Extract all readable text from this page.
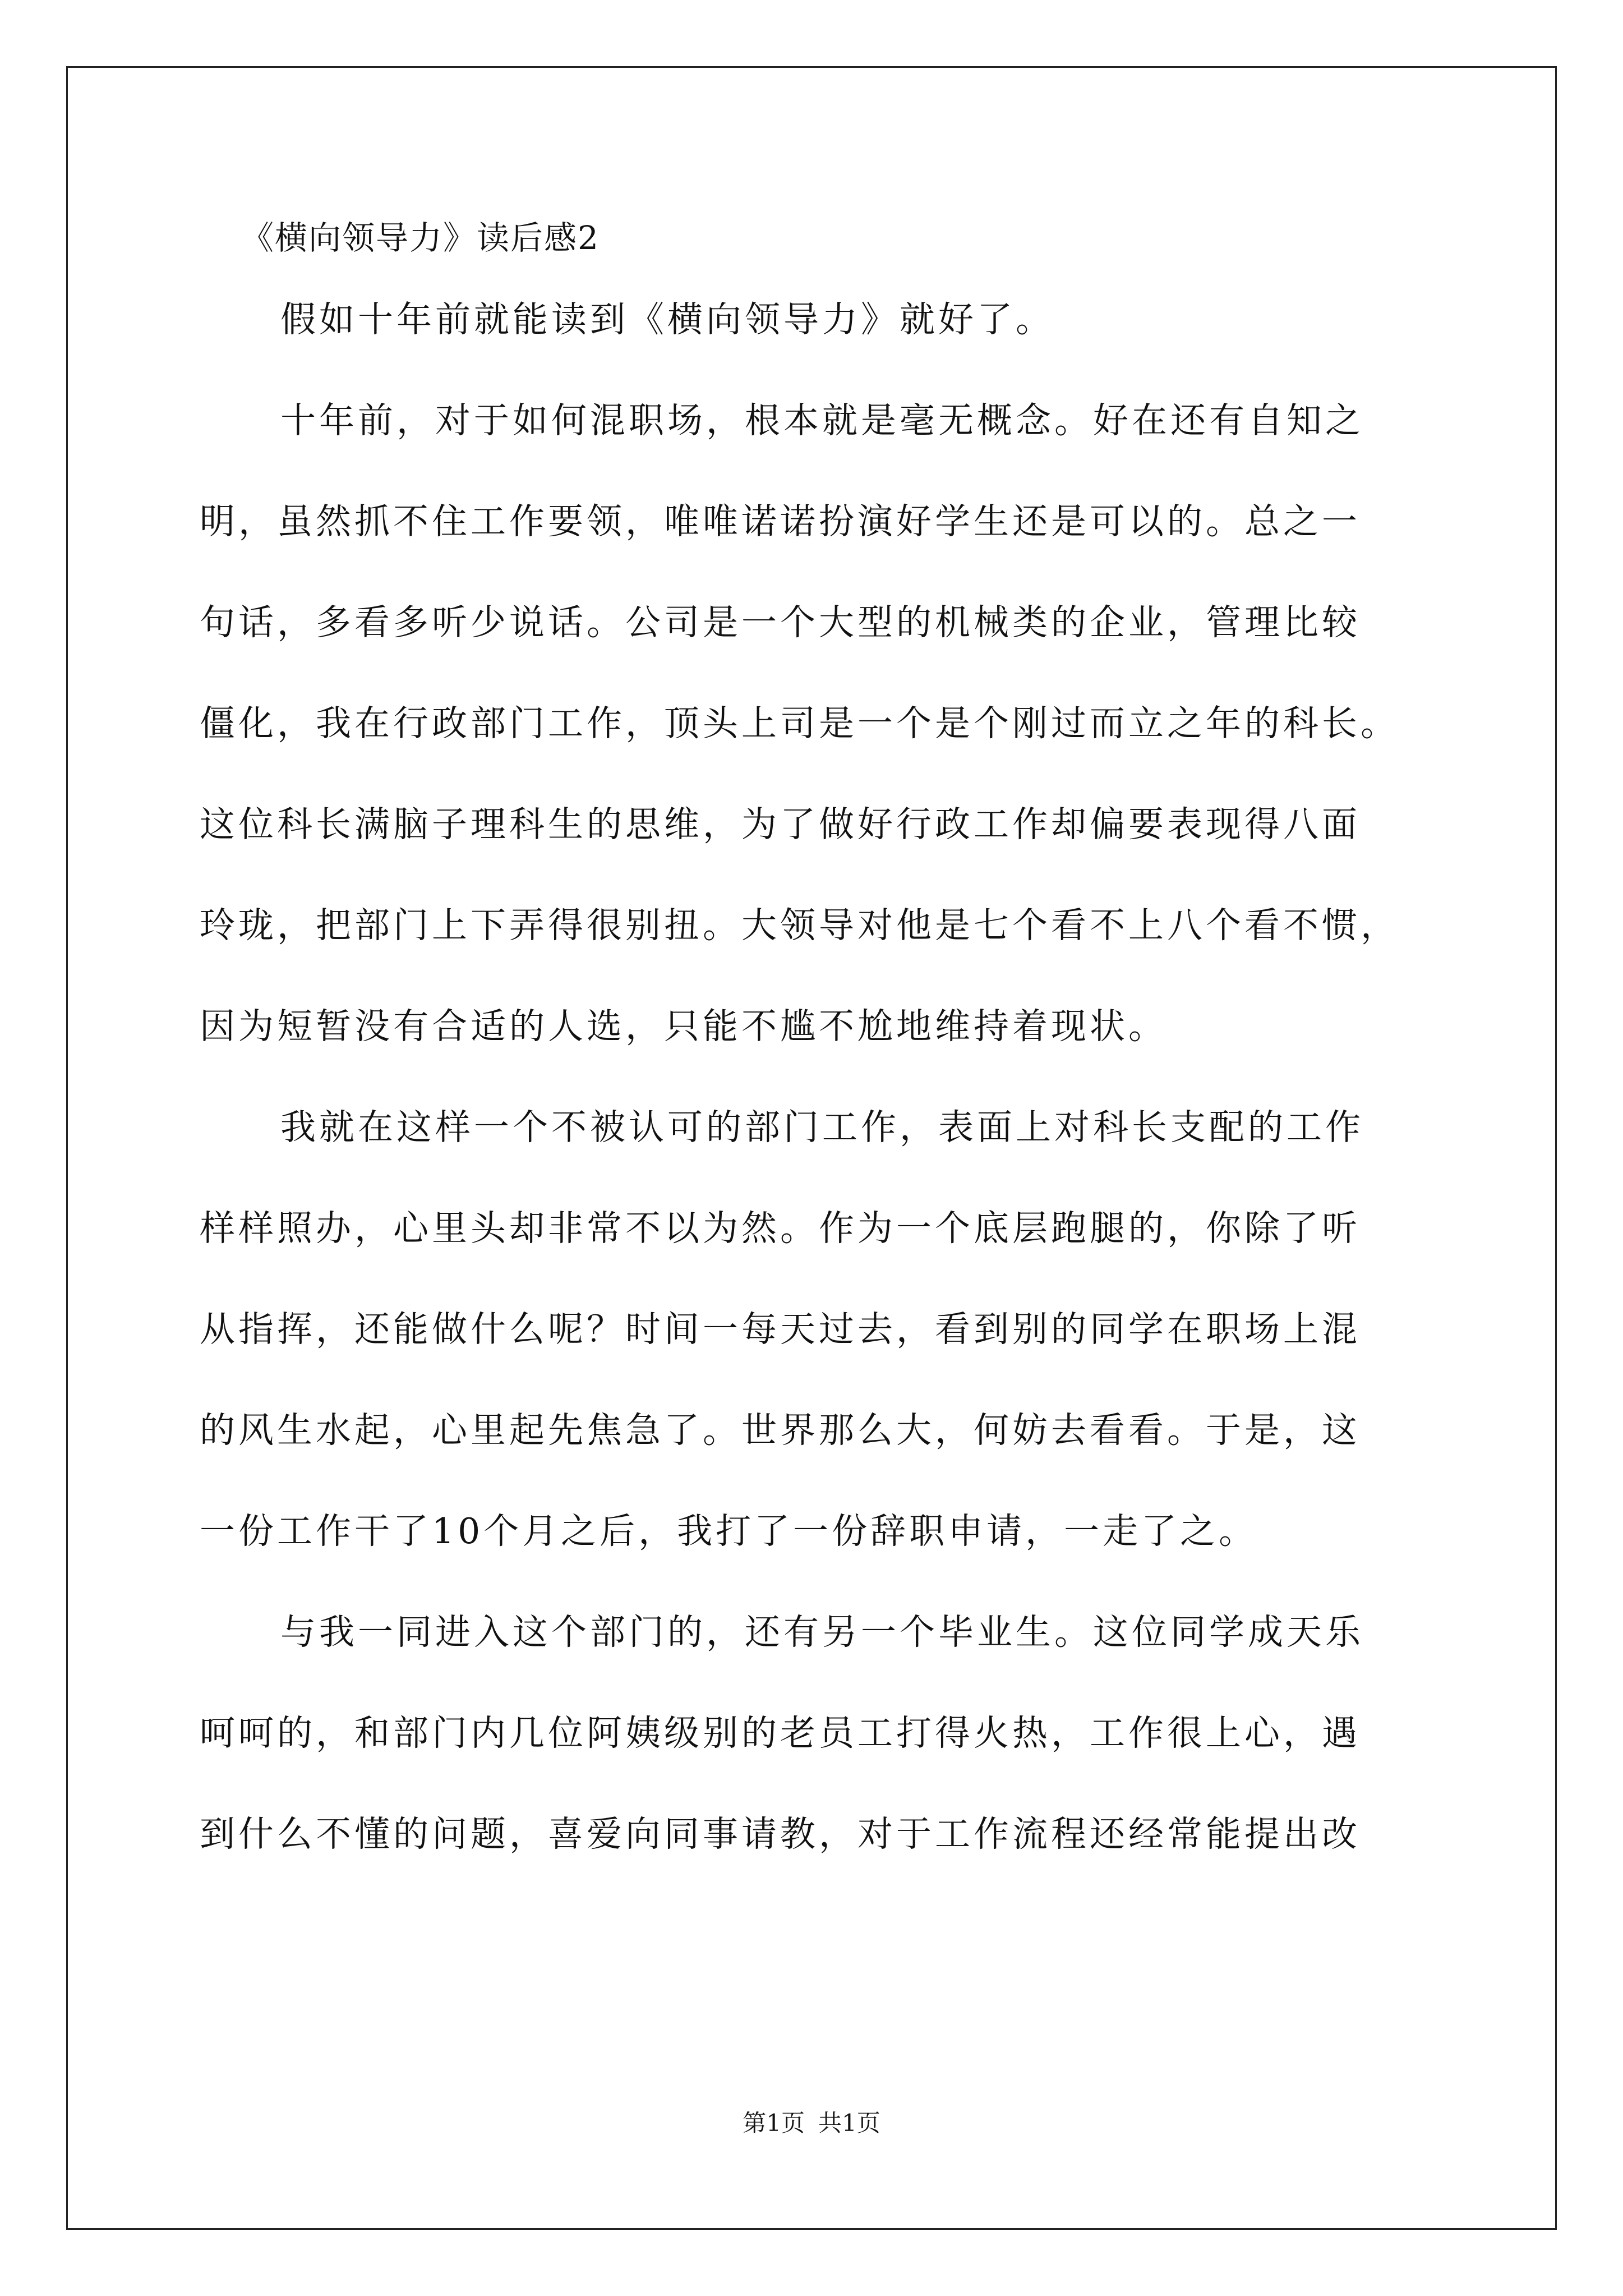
《横向领导力》读后感2
假如十年前就能读到《横向领导力》就好了。
十年前，对于如何混职场，根本就是毫无概念。好在还有自知之
明，虽然抓不住工作要领，唯唯诺诺扮演好学生还是可以的。总之一
句话，多看多听少说话。公司是一个大型的机械类的企业，管理比较
僵化，我在行政部门工作，顶头上司是一个是个刚过而立之年的科长。
这位科长满脑子理科生的思维，为了做好行政工作却偏要表现得八面
玲珑，把部门上下弄得很别扭。大领导对他是七个看不上八个看不惯，
因为短暂没有合适的人选，只能不尴不尬地维持着现状。
我就在这样一个不被认可的部门工作，表面上对科长支配的工作
样样照办，心里头却非常不以为然。作为一个底层跑腿的，你除了听
从指挥，还能做什么呢？时间一每天过去，看到别的同学在职场上混
的风生水起，心里起先焦急了。世界那么大，何妨去看看。于是，这
一份工作干了10个月之后，我打了一份辞职申请，一走了之。
与我一同进入这个部门的，还有另一个毕业生。这位同学成天乐
呵呵的，和部门内几位阿姨级别的老员工打得火热，工作很上心，遇
到什么不懂的问题，喜爱向同事请教，对于工作流程还经常能提出改
第1页 共1页
